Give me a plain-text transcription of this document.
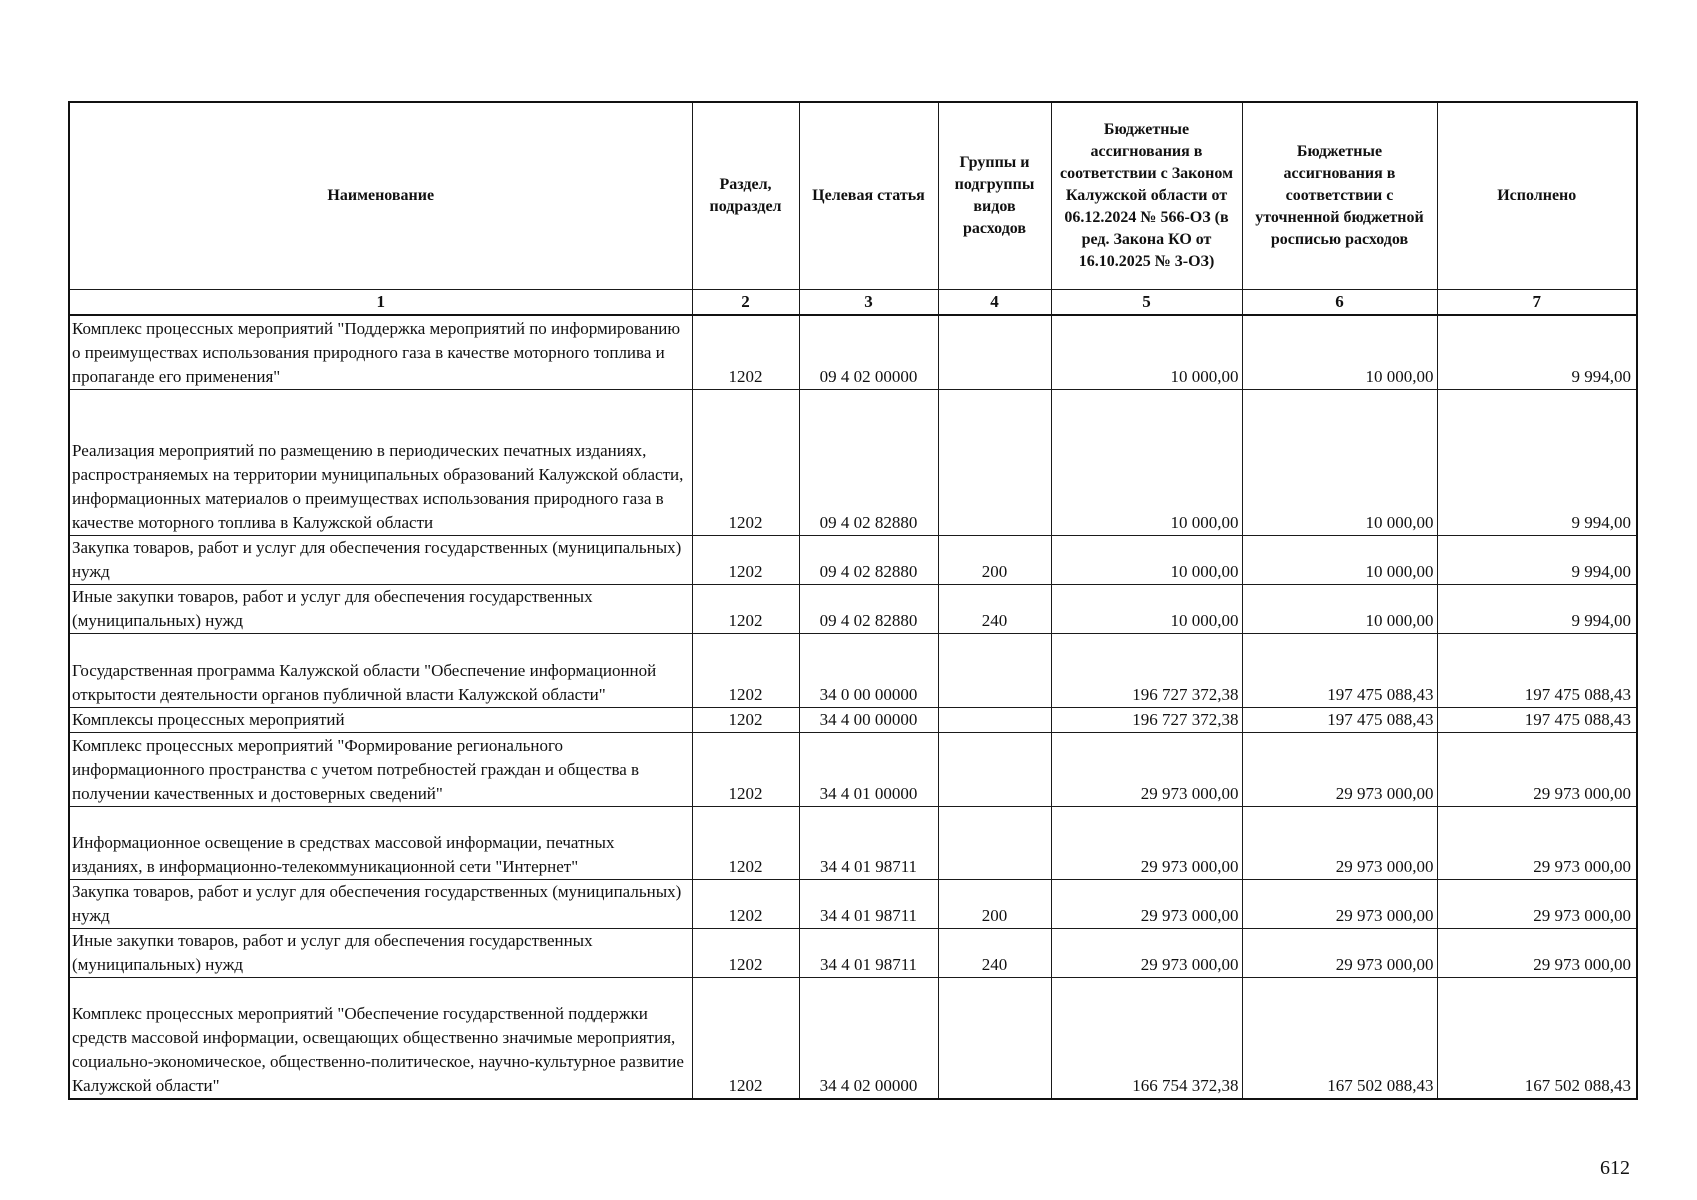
Наименование	Раздел, подраздел	Целевая статья	Группы и подгруппы видов расходов	Бюджетные ассигнования в соответствии с Законом Калужской области от 06.12.2024 № 566-ОЗ (в ред. Закона КО от 16.10.2025 № 3-ОЗ)	Бюджетные ассигнования в соответствии с уточненной бюджетной росписью расходов	Исполнено
1	2	3	4	5	6	7
Комплекс процессных мероприятий "Поддержка мероприятий по информированию о преимуществах использования природного газа в качестве моторного топлива и пропаганде его применения"	1202	09 4 02 00000		10 000,00	10 000,00	9 994,00
Реализация мероприятий по размещению в периодических печатных изданиях, распространяемых на территории муниципальных образований Калужской области, информационных материалов о преимуществах использования природного газа в качестве моторного топлива в Калужской области	1202	09 4 02 82880		10 000,00	10 000,00	9 994,00
Закупка товаров, работ и услуг для обеспечения государственных (муниципальных) нужд	1202	09 4 02 82880	200	10 000,00	10 000,00	9 994,00
Иные закупки товаров, работ и услуг для обеспечения государственных (муниципальных) нужд	1202	09 4 02 82880	240	10 000,00	10 000,00	9 994,00
Государственная программа Калужской области "Обеспечение информационной открытости деятельности органов публичной власти Калужской области"	1202	34 0 00 00000		196 727 372,38	197 475 088,43	197 475 088,43
Комплексы процессных мероприятий	1202	34 4 00 00000		196 727 372,38	197 475 088,43	197 475 088,43
Комплекс процессных мероприятий "Формирование регионального информационного пространства с учетом потребностей граждан и общества в получении качественных и достоверных сведений"	1202	34 4 01 00000		29 973 000,00	29 973 000,00	29 973 000,00
Информационное освещение в средствах массовой информации, печатных изданиях, в информационно-телекоммуникационной сети "Интернет"	1202	34 4 01 98711		29 973 000,00	29 973 000,00	29 973 000,00
Закупка товаров, работ и услуг для обеспечения государственных (муниципальных) нужд	1202	34 4 01 98711	200	29 973 000,00	29 973 000,00	29 973 000,00
Иные закупки товаров, работ и услуг для обеспечения государственных (муниципальных) нужд	1202	34 4 01 98711	240	29 973 000,00	29 973 000,00	29 973 000,00
Комплекс процессных мероприятий "Обеспечение государственной поддержки средств массовой информации, освещающих общественно значимые мероприятия, социально-экономическое, общественно-политическое, научно-культурное развитие Калужской области"	1202	34 4 02 00000		166 754 372,38	167 502 088,43	167 502 088,43
612
